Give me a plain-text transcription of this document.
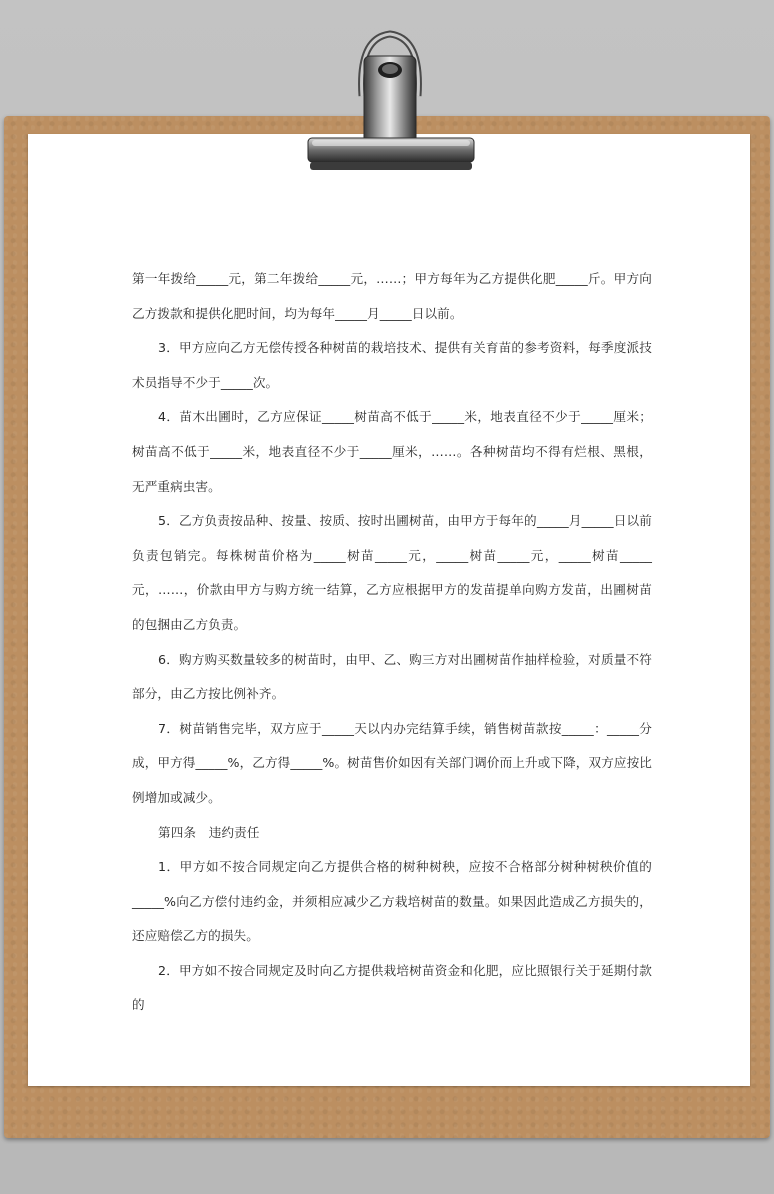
第一年拨给_____元，第二年拨给_____元，……；甲方每年为乙方提供化肥_____斤。甲方向乙方拨款和提供化肥时间，均为每年_____月_____日以前。

3．甲方应向乙方无偿传授各种树苗的栽培技术、提供有关育苗的参考资料，每季度派技术员指导不少于_____次。

4．苗木出圃时，乙方应保证_____树苗高不低于_____米，地表直径不少于_____厘米；树苗高不低于_____米，地表直径不少于_____厘米，……。各种树苗均不得有烂根、黑根，无严重病虫害。

5．乙方负责按品种、按量、按质、按时出圃树苗，由甲方于每年的_____月_____日以前负责包销完。每株树苗价格为_____树苗_____元，_____树苗_____元，_____树苗_____元，……，价款由甲方与购方统一结算，乙方应根据甲方的发苗提单向购方发苗，出圃树苗的包捆由乙方负责。

6．购方购买数量较多的树苗时，由甲、乙、购三方对出圃树苗作抽样检验，对质量不符部分，由乙方按比例补齐。

7．树苗销售完毕，双方应于_____天以内办完结算手续，销售树苗款按_____：_____分成，甲方得_____%，乙方得_____%。树苗售价如因有关部门调价而上升或下降，双方应按比例增加或减少。

第四条　违约责任

1．甲方如不按合同规定向乙方提供合格的树种树秧，应按不合格部分树种树秧价值的_____%向乙方偿付违约金，并须相应减少乙方栽培树苗的数量。如果因此造成乙方损失的，还应赔偿乙方的损失。

2．甲方如不按合同规定及时向乙方提供栽培树苗资金和化肥，应比照银行关于延期付款的
